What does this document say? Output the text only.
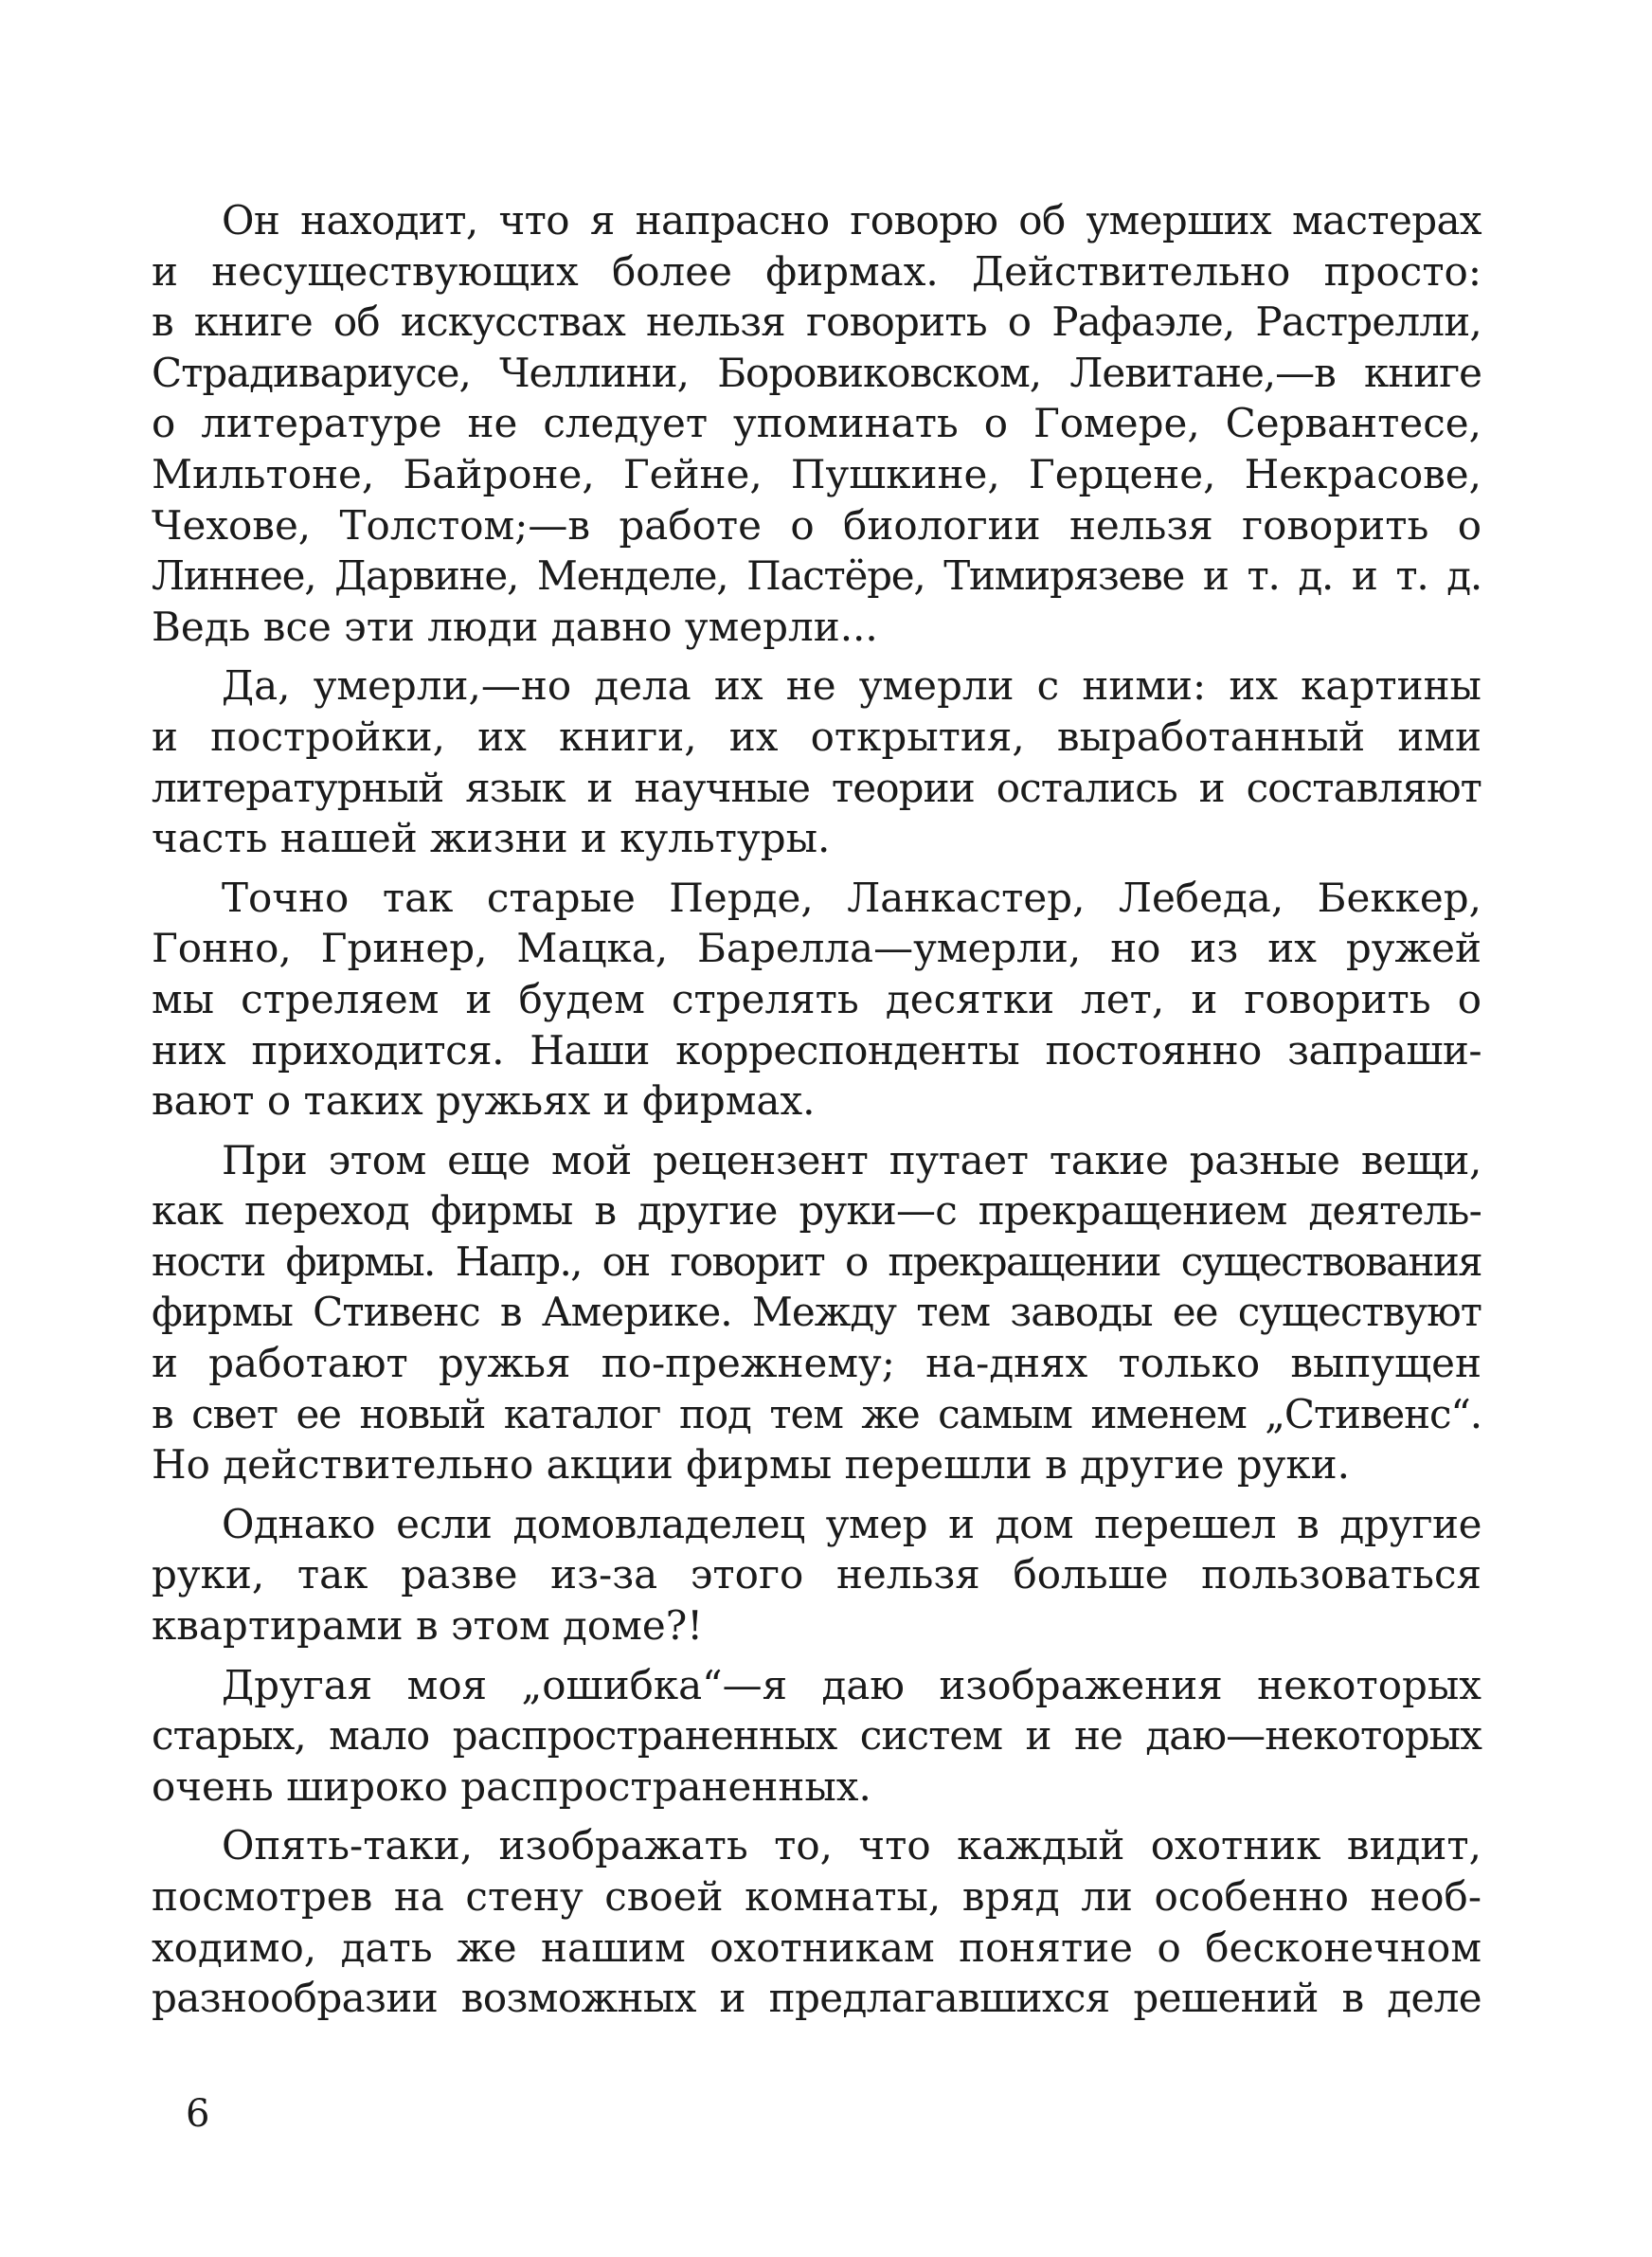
Он находит, что я напрасно говорю об умерших мастерах
и несуществующих более фирмах. Действительно просто:
в книге об искусствах нельзя говорить о Рафаэле, Растрелли,
Страдивариусе, Челлини, Боровиковском, Левитане,—в книге
о литературе не следует упоминать о Гомере, Сервантесе,
Мильтоне, Байроне, Гейне, Пушкине, Герцене, Некрасове,
Чехове, Толстом;—в работе о биологии нельзя говорить о
Линнее, Дарвине, Менделе, Пастёре, Тимирязеве и т. д. и т. д.
Ведь все эти люди давно умерли...
Да, умерли,—но дела их не умерли с ними: их картины
и постройки, их книги, их открытия, выработанный ими
литературный язык и научные теории остались и составляют
часть нашей жизни и культуры.
Точно так старые Перде, Ланкастер, Лебеда, Беккер,
Гонно, Гринер, Мацка, Барелла—умерли, но из их ружей
мы стреляем и будем стрелять десятки лет, и говорить о
них приходится. Наши корреспонденты постоянно запраши-
вают о таких ружьях и фирмах.
При этом еще мой рецензент путает такие разные вещи,
как переход фирмы в другие руки—с прекращением деятель-
ности фирмы. Напр., он говорит о прекращении существования
фирмы Стивенс в Америке. Между тем заводы ее существуют
и работают ружья по-прежнему; на-днях только выпущен
в свет ее новый каталог под тем же самым именем „Стивенс“.
Но действительно акции фирмы перешли в другие руки.
Однако если домовладелец умер и дом перешел в другие
руки, так разве из-за этого нельзя больше пользоваться
квартирами в этом доме?!
Другая моя „ошибка“—я даю изображения некоторых
старых, мало распространенных систем и не даю—некоторых
очень широко распространенных.
Опять-таки, изображать то, что каждый охотник видит,
посмотрев на стену своей комнаты, вряд ли особенно необ-
ходимо, дать же нашим охотникам понятие о бесконечном
разнообразии возможных и предлагавшихся решений в деле
6
